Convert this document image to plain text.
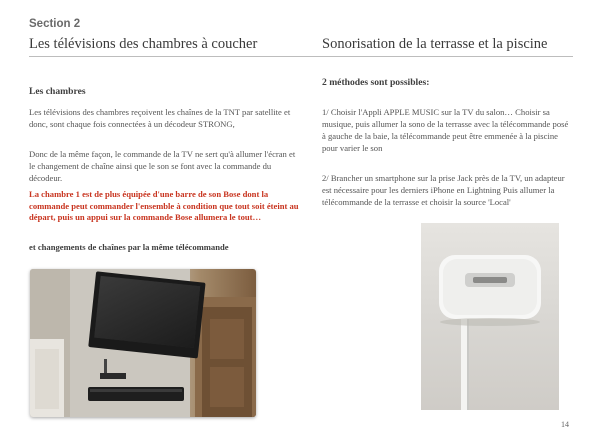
Section 2
Les télévisions des chambres à coucher	Sonorisation de la terrasse et la piscine
Les chambres
Les télévisions des chambres reçoivent les chaînes de la TNT par satellite et donc, sont chaque fois connectées à un décodeur STRONG,
Donc de la même façon, le commande de la TV ne sert qu'à allumer l'écran et le changement de chaîne ainsi que le son se font avec la commande du décodeur.
La chambre 1 est de plus équipée d'une barre de son Bose dont la commande peut commander l'ensemble à condition que tout soit éteint au départ, puis un appui sur la commande Bose allumera le tout…
et changements de chaînes par la même télécommande
2 méthodes sont possibles:
1/ Choisir l'Appli APPLE MUSIC sur la TV du salon… Choisir sa musique, puis allumer la sono de la terrasse avec la télécommande posé à gauche de la baie, la télécommande peut être emmenée à la piscine pour varier le son
2/ Brancher un smartphone sur la prise Jack près de la TV, un adapteur est nécessaire pour les derniers iPhone en Lightning Puis allumer la télécommande de la terrasse et choisir la source 'Local'
14
